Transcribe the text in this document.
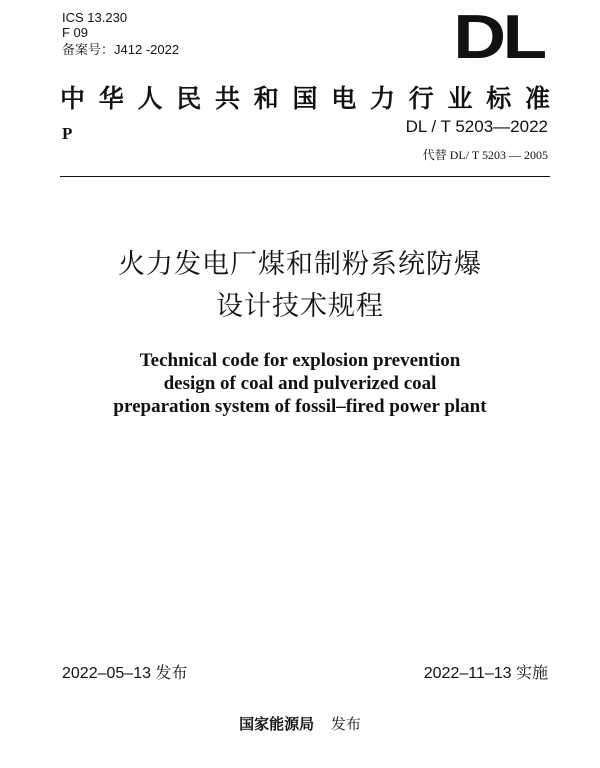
ICS 13.230
F 09
备案号：J412 -2022	DL
中华人民共和国电力行业标准
P	DL / T 5203—2022
代替 DL/ T 5203 — 2005
火力发电厂煤和制粉系统防爆
设计技术规程
Technical code for explosion prevention
design of coal and pulverized coal
preparation system of fossil–fired power plant
2022–05–13 发布	2022–11–13 实施
国家能源局 发布
